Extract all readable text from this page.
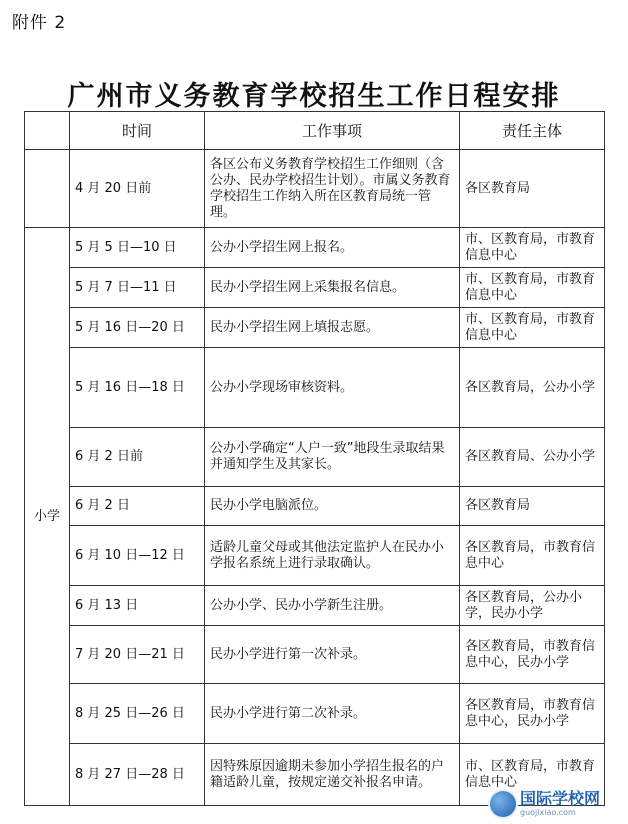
附件 2
广州市义务教育学校招生工作日程安排
	时间	工作事项	责任主体
	4 月 20 日前	各区公布义务教育学校招生工作细则（含公办、民办学校招生计划）。市属义务教育学校招生工作纳入所在区教育局统一管理。	各区教育局
小学	5 月 5 日—10 日	公办小学招生网上报名。	市、区教育局，市教育信息中心
	5 月 7 日—11 日	民办小学招生网上采集报名信息。	市、区教育局，市教育信息中心
	5 月 16 日—20 日	民办小学招生网上填报志愿。	市、区教育局，市教育信息中心
	5 月 16 日—18 日	公办小学现场审核资料。	各区教育局，公办小学
	6 月 2 日前	公办小学确定“人户一致”地段生录取结果并通知学生及其家长。	各区教育局、公办小学
	6 月 2 日	民办小学电脑派位。	各区教育局
	6 月 10 日—12 日	适龄儿童父母或其他法定监护人在民办小学报名系统上进行录取确认。	各区教育局，市教育信息中心
	6 月 13 日	公办小学、民办小学新生注册。	各区教育局，公办小学，民办小学
	7 月 20 日—21 日	民办小学进行第一次补录。	各区教育局，市教育信息中心，民办小学
	8 月 25 日—26 日	民办小学进行第二次补录。	各区教育局，市教育信息中心，民办小学
	8 月 27 日—28 日	因特殊原因逾期未参加小学招生报名的户籍适龄儿童，按规定递交补报名申请。	市、区教育局，市教育信息中心
国际学校网
guojixiao.com
